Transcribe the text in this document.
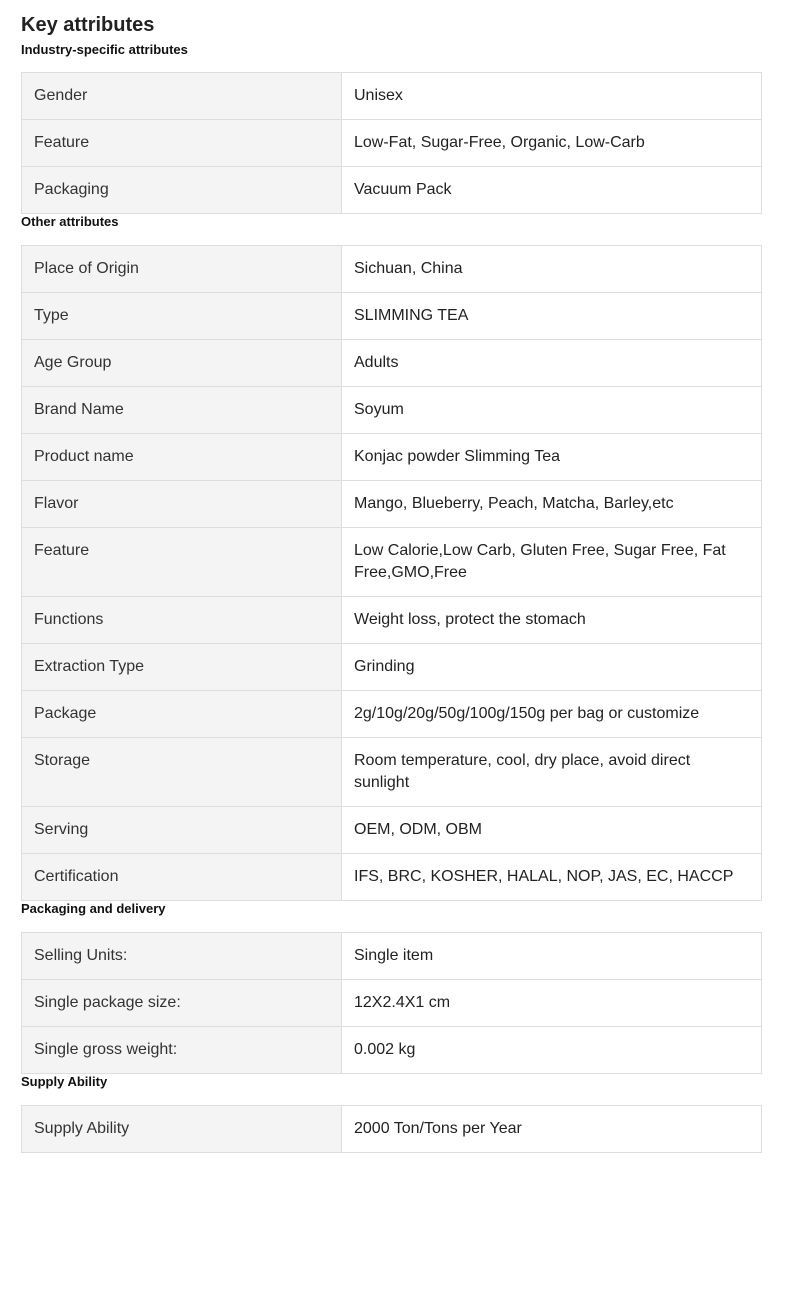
Key attributes
Industry-specific attributes
Gender	Unisex
Feature	Low-Fat, Sugar-Free, Organic, Low-Carb
Packaging	Vacuum Pack
Other attributes
Place of Origin	Sichuan, China
Type	SLIMMING TEA
Age Group	Adults
Brand Name	Soyum
Product name	Konjac powder Slimming Tea
Flavor	Mango, Blueberry, Peach, Matcha, Barley,etc
Feature	Low Calorie,Low Carb, Gluten Free, Sugar Free, Fat Free,GMO,Free
Functions	Weight loss, protect the stomach
Extraction Type	Grinding
Package	2g/10g/20g/50g/100g/150g per bag or customize
Storage	Room temperature, cool, dry place, avoid direct sunlight
Serving	OEM, ODM, OBM
Certification	IFS, BRC, KOSHER, HALAL, NOP, JAS, EC, HACCP
Packaging and delivery
Selling Units:	Single item
Single package size:	12X2.4X1 cm
Single gross weight:	0.002 kg
Supply Ability
Supply Ability	2000 Ton/Tons per Year
